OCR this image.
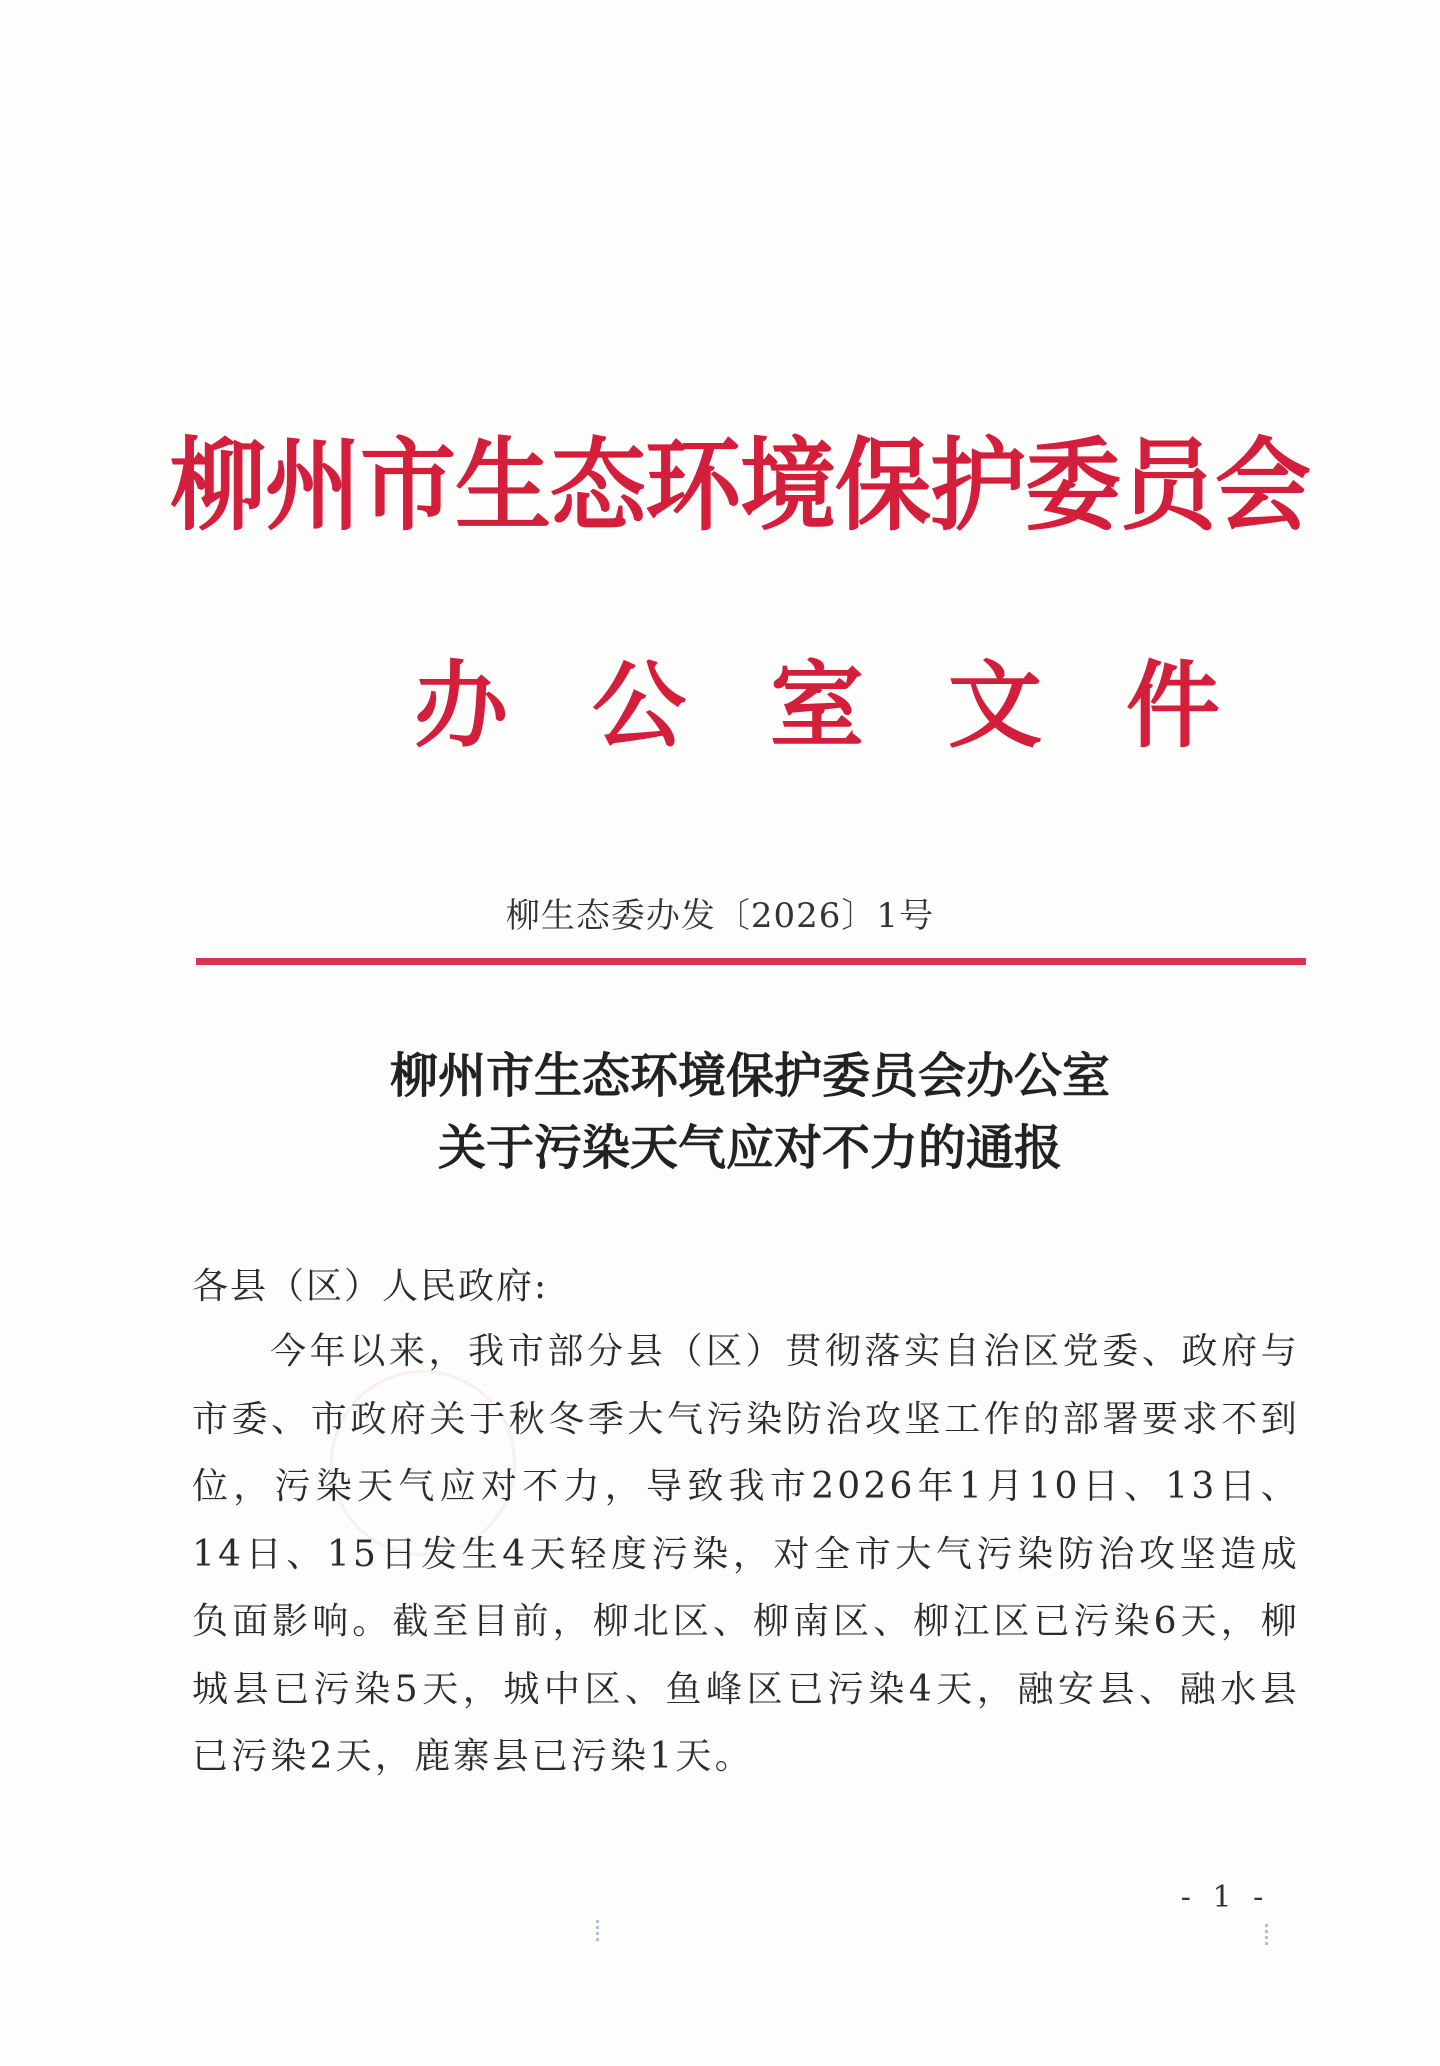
柳州市生态环境保护委员会
办公室文件
柳生态委办发〔2026〕1号
柳州市生态环境保护委员会办公室
关于污染天气应对不力的通报
各县（区）人民政府:
今年以来，我市部分县（区）贯彻落实自治区党委、政府与市委、市政府关于秋冬季大气污染防治攻坚工作的部署要求不到位，污染天气应对不力，导致我市2026年1月10日、13日、14日、15日发生4天轻度污染，对全市大气污染防治攻坚造成负面影响。截至目前，柳北区、柳南区、柳江区已污染6天，柳城县已污染5天，城中区、鱼峰区已污染4天，融安县、融水县已污染2天，鹿寨县已污染1天。
- 1 -
